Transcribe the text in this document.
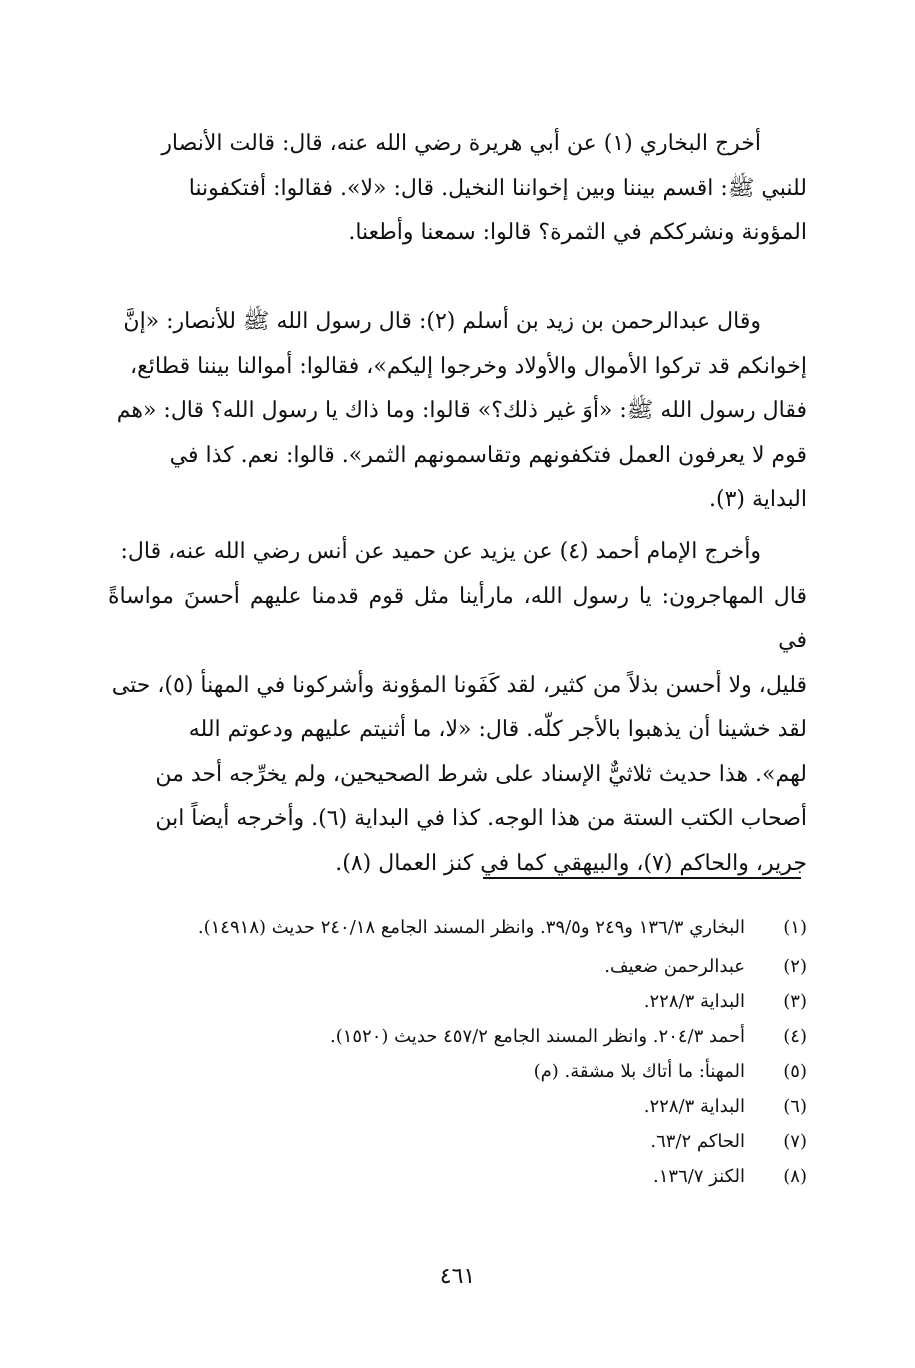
أخرج البخاري (١) عن أبي هريرة رضي الله عنه، قال: قالت الأنصار

للنبي ﷺ: اقسم بيننا وبين إخواننا النخيل. قال: «لا». فقالوا: أفتكفوننا

المؤونة ونشرككم في الثمرة؟ قالوا: سمعنا وأطعنا.

وقال عبدالرحمن بن زيد بن أسلم (٢): قال رسول الله ﷺ للأنصار: «إنَّ

إخوانكم قد تركوا الأموال والأولاد وخرجوا إليكم»، فقالوا: أموالنا بيننا قطائع،

فقال رسول الله ﷺ: «أوَ غير ذلك؟» قالوا: وما ذاك يا رسول الله؟ قال: «هم

قوم لا يعرفون العمل فتكفونهم وتقاسمونهم الثمر». قالوا: نعم. كذا في

البداية (٣).

وأخرج الإمام أحمد (٤) عن يزيد عن حميد عن أنس رضي الله عنه، قال:

قال المهاجرون: يا رسول الله، مارأينا مثل قوم قدمنا عليهم أحسنَ مواساةً في

قليل، ولا أحسن بذلاً من كثير، لقد كَفَونا المؤونة وأشركونا في المهنأ (٥)، حتى

لقد خشينا أن يذهبوا بالأجر كلّه. قال: «لا، ما أثنيتم عليهم ودعوتم الله

لهم». هذا حديث ثلاثيٌّ الإسناد على شرط الصحيحين، ولم يخرِّجه أحد من

أصحاب الكتب الستة من هذا الوجه. كذا في البداية (٦). وأخرجه أيضاً ابن

جرير، والحاكم (٧)، والبيهقي كما في كنز العمال (٨).

(١)
البخاري ١٣٦/٣ و٢٤٩ و٣٩/٥. وانظر المسند الجامع ٢٤٠/١٨ حديث (١٤٩١٨).
(٢)
عبدالرحمن ضعيف.
(٣)
البداية ٢٢٨/٣.
(٤)
أحمد ٢٠٤/٣. وانظر المسند الجامع ٤٥٧/٢ حديث (١٥٢٠).
(٥)
المهنأ: ما أتاك بلا مشقة. (م)
(٦)
البداية ٢٢٨/٣.
(٧)
الحاكم ٦٣/٢.
(٨)
الكنز ١٣٦/٧.
٤٦١
